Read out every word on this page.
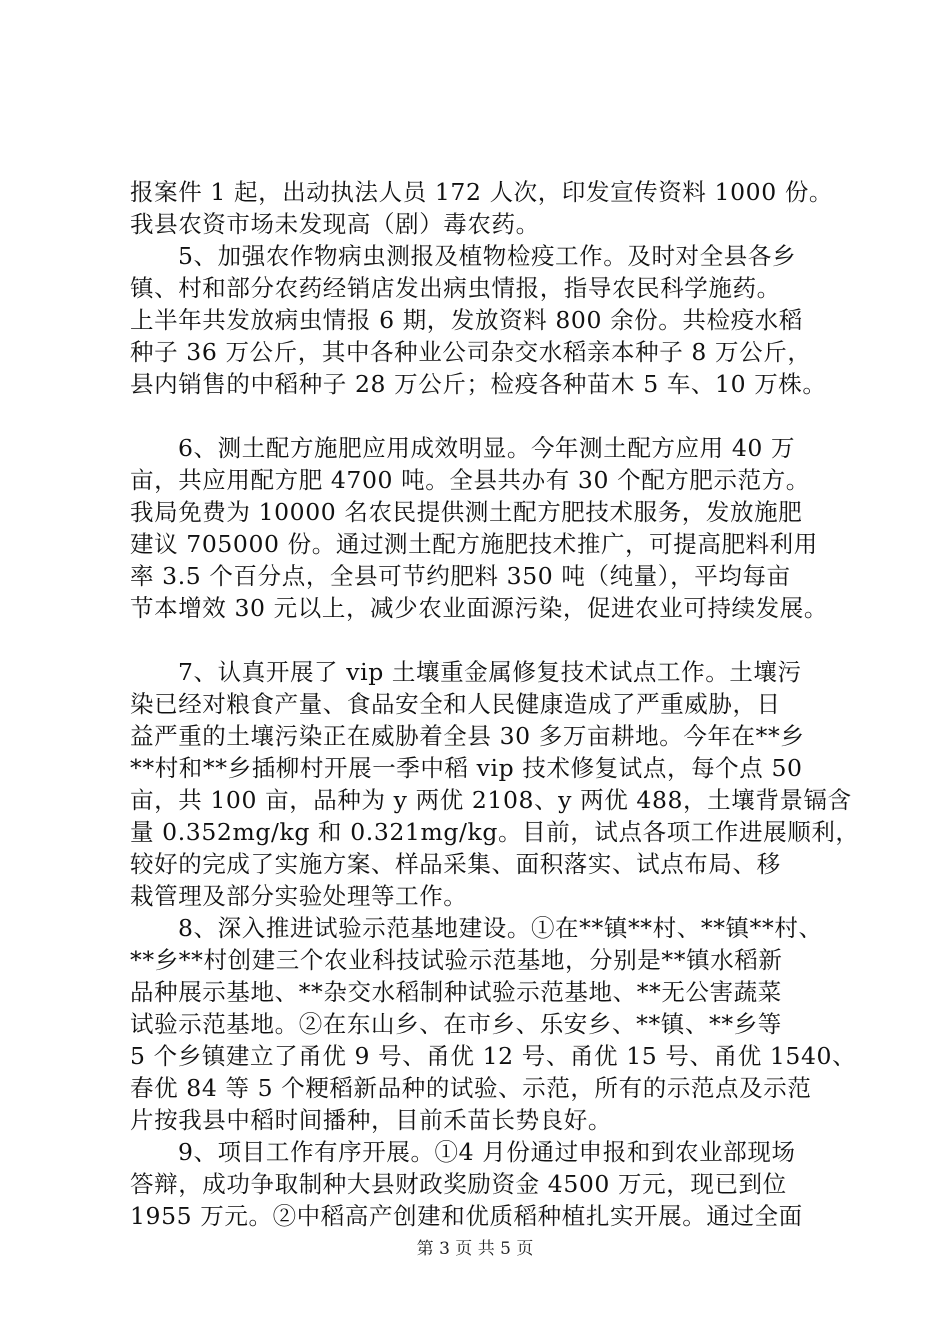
报案件 1 起，出动执法人员 172 人次，印发宣传资料 1000 份。
我县农资市场未发现高（剧）毒农药。
5、加强农作物病虫测报及植物检疫工作。及时对全县各乡
镇、村和部分农药经销店发出病虫情报，指导农民科学施药。
上半年共发放病虫情报 6 期，发放资料 800 余份。共检疫水稻
种子 36 万公斤，其中各种业公司杂交水稻亲本种子 8 万公斤，
县内销售的中稻种子 28 万公斤；检疫各种苗木 5 车、10 万株。
6、测土配方施肥应用成效明显。今年测土配方应用 40 万
亩，共应用配方肥 4700 吨。全县共办有 30 个配方肥示范方。
我局免费为 10000 名农民提供测土配方肥技术服务，发放施肥
建议 705000 份。通过测土配方施肥技术推广，可提高肥料利用
率 3.5 个百分点，全县可节约肥料 350 吨（纯量），平均每亩
节本增效 30 元以上，减少农业面源污染，促进农业可持续发展。
7、认真开展了 vip 土壤重金属修复技术试点工作。土壤污
染已经对粮食产量、食品安全和人民健康造成了严重威胁，日
益严重的土壤污染正在威胁着全县 30 多万亩耕地。今年在**乡
**村和**乡插柳村开展一季中稻 vip 技术修复试点，每个点 50
亩，共 100 亩，品种为 y 两优 2108、y 两优 488，土壤背景镉含
量 0.352mg/kg 和 0.321mg/kg。目前，试点各项工作进展顺利，
较好的完成了实施方案、样品采集、面积落实、试点布局、移
栽管理及部分实验处理等工作。
8、深入推进试验示范基地建设。①在**镇**村、**镇**村、
**乡**村创建三个农业科技试验示范基地，分别是**镇水稻新
品种展示基地、**杂交水稻制种试验示范基地、**无公害蔬菜
试验示范基地。②在东山乡、在市乡、乐安乡、**镇、**乡等
5 个乡镇建立了甬优 9 号、甬优 12 号、甬优 15 号、甬优 1540、
春优 84 等 5 个粳稻新品种的试验、示范，所有的示范点及示范
片按我县中稻时间播种，目前禾苗长势良好。
9、项目工作有序开展。①4 月份通过申报和到农业部现场
答辩，成功争取制种大县财政奖励资金 4500 万元，现已到位
1955 万元。②中稻高产创建和优质稻种植扎实开展。通过全面
第 3 页 共 5 页
